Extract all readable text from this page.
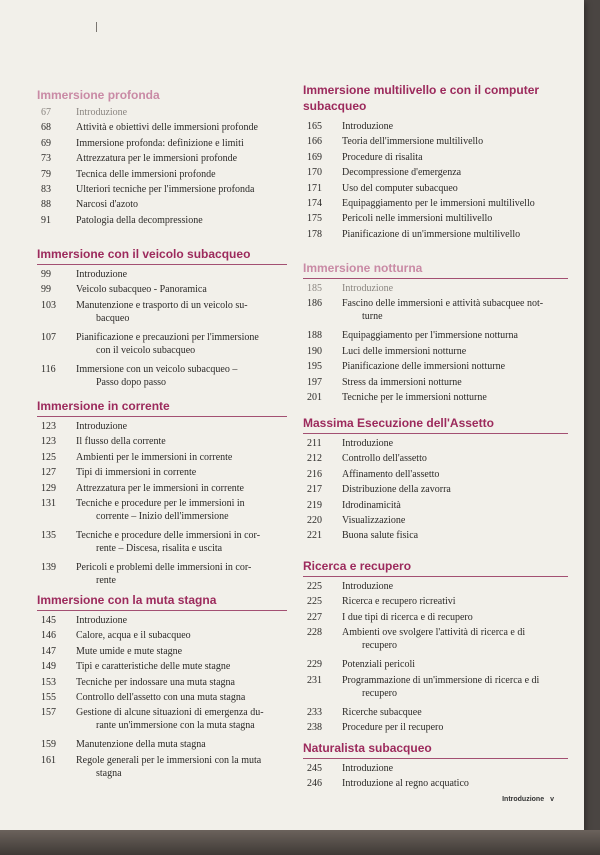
Immersione profonda
67	Introduzione
68	Attività e obiettivi delle immersioni profonde
69	Immersione profonda: definizione e limiti
73	Attrezzatura per le immersioni profonde
79	Tecnica delle immersioni profonde
83	Ulteriori tecniche per l'immersione profonda
88	Narcosi d'azoto
91	Patologia della decompressione
Immersione con il veicolo subacqueo
99	Introduzione
99	Veicolo subacqueo - Panoramica
103	Manutenzione e trasporto di un veicolo su-
bacqueo
107	Pianificazione e precauzioni per l'immersione
con il veicolo subacqueo
116	Immersione con un veicolo subacqueo –
Passo dopo passo
Immersione in corrente
123	Introduzione
123	Il flusso della corrente
125	Ambienti per le immersioni in corrente
127	Tipi di immersioni in corrente
129	Attrezzatura per le immersioni in corrente
131	Tecniche e procedure per le immersioni in
corrente – Inizio dell'immersione
135	Tecniche e procedure delle immersioni in cor-
rente – Discesa, risalita e uscita
139	Pericoli e problemi delle immersioni in cor-
rente
Immersione con la muta stagna
145	Introduzione
146	Calore, acqua e il subacqueo
147	Mute umide e mute stagne
149	Tipi e caratteristiche delle mute stagne
153	Tecniche per indossare una muta stagna
155	Controllo dell'assetto con una muta stagna
157	Gestione di alcune situazioni di emergenza du-
rante un'immersione con la muta stagna
159	Manutenzione della muta stagna
161	Regole generali per le immersioni con la muta
stagna
Immersione multilivello e con il computer
subacqueo
165	Introduzione
166	Teoria dell'immersione multilivello
169	Procedure di risalita
170	Decompressione d'emergenza
171	Uso del computer subacqueo
174	Equipaggiamento per le immersioni multilivello
175	Pericoli nelle immersioni multilivello
178	Pianificazione di un'immersione multilivello
Immersione notturna
185	Introduzione
186	Fascino delle immersioni e attività subacquee not-
turne
188	Equipaggiamento per l'immersione notturna
190	Luci delle immersioni notturne
195	Pianificazione delle immersioni notturne
197	Stress da immersioni notturne
201	Tecniche per le immersioni notturne
Massima Esecuzione dell'Assetto
211	Introduzione
212	Controllo dell'assetto
216	Affinamento dell'assetto
217	Distribuzione della zavorra
219	Idrodinamicità
220	Visualizzazione
221	Buona salute fisica
Ricerca e recupero
225	Introduzione
225	Ricerca e recupero ricreativi
227	I due tipi di ricerca e di recupero
228	Ambienti ove svolgere l'attività di ricerca e di
recupero
229	Potenziali pericoli
231	Programmazione di un'immersione di ricerca e di
recupero
233	Ricerche subacquee
238	Procedure per il recupero
Naturalista subacqueo
245	Introduzione
246	Introduzione al regno acquatico
Introduzione v
